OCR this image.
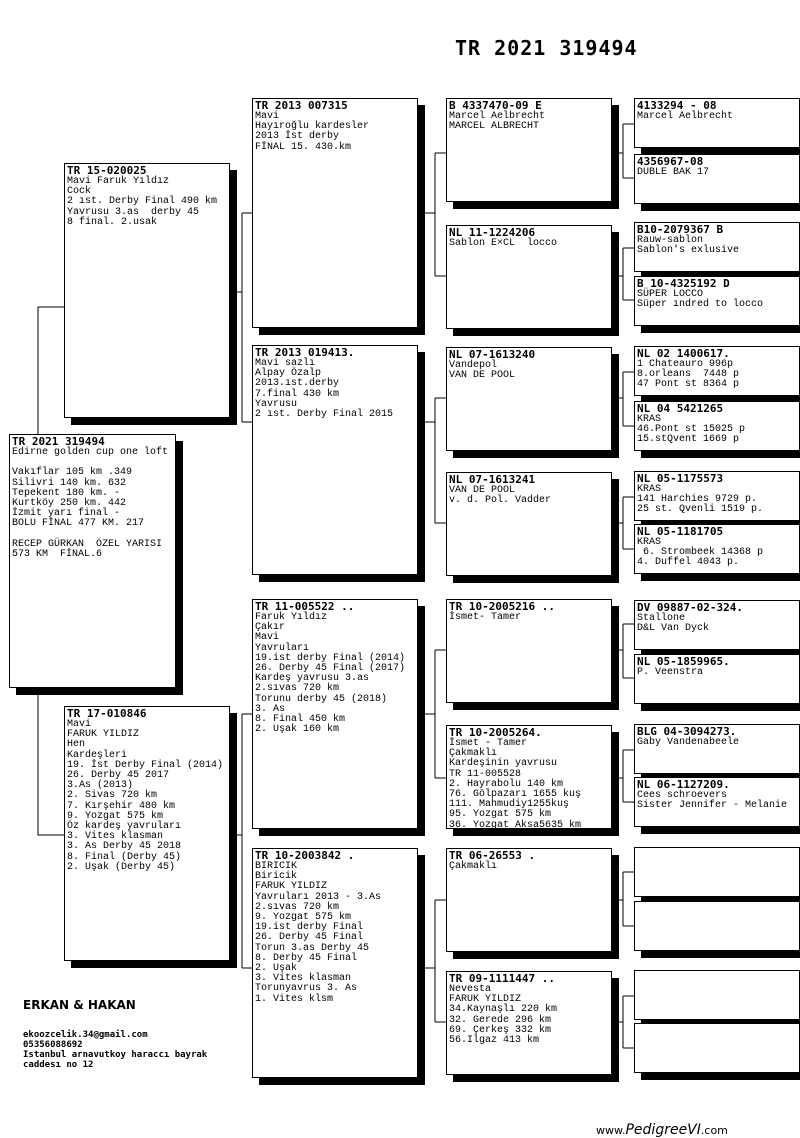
TR 2021 319494
TR 2021 319494
Edirne golden cup one loft

Vakıflar 105 km .349
Silivri 140 km. 632
Tepekent 180 km. -
Kurtköy 250 km. 442
İzmit yarı final -
BOLU FİNAL 477 KM. 217

RECEP GÜRKAN  ÖZEL YARISI  573 KM  FİNAL.6
TR 15-020025
Mavi Faruk Yıldız
Cock
2 ıst. Derby Final 490 km
Yavrusu 3.as  derby 45
8 final. 2.usak
TR 17-010846
Mavi
FARUK YILDIZ
Hen
Kardeşleri
19. İst Derby Final (2014)
26. Derby 45 2017
3.As (2013)
2. Sivas 720 km
7. Kırşehir 480 km
9. Yozgat 575 km
Öz kardeş yavruları
3. Vites klasman
3. As Derby 45 2018
8. Final (Derby 45)
2. Uşak (Derby 45)
TR 2013 007315
Mavi
Hayıroğlu kardesler
2013 İst derby
FİNAL 15. 430.km
TR 2013 019413.
Mavi sazlı
Alpay Özalp
2013.ıst.derby
7.final 430 km
Yavrusu
2 ıst. Derby Final 2015
TR 11-005522 ..
Faruk Yıldız
Çakır
Mavi
Yavruları
19.ist derby Final (2014)
26. Derby 45 Final (2017)
Kardeş yavrusu 3.as
2.sıvas 720 km
Torunu derby 45 (2018)
3. As
8. Final 450 km
2. Uşak 160 km
TR 10-2003842 .
BIRICIK
Biricik
FARUK YILDIZ
Yavruları 2013 - 3.As
2.sıvas 720 km
9. Yozgat 575 km
19.ist derby Final
26. Derby 45 Final
Torun 3.as Derby 45
8. Derby 45 Final
2. Uşak
3. Vites klasman
Torunyavrus 3. As
1. Vites klsm
B 4337470-09 E
Marcel Aelbrecht
MARCEL ALBRECHT
NL 11-1224206
Sablon E×CL  locco
NL 07-1613240
Vandepol
VAN DE POOL
NL 07-1613241
VAN DE POOL
v. d. Pol. Vadder
TR 10-2005216 ..
İsmet- Tamer
TR 10-2005264.
İsmet - Tamer
Çakmaklı
Kardeşinin yavrusu
TR 11-005528
2. Hayrabolu 140 km
76. Gölpazarı 1655 kuş
111. Mahmudiy1255kuş
95. Yozgat 575 km
36. Yozgat Aksa5635 km
TR 06-26553 .
Çakmaklı
TR 09-1111447 ..
Nevesta
FARUK YILDIZ
34.Kaynaşlı 220 km
32. Gerede 296 km
69. Çerkeş 332 km
56.Ilgaz 413 km
4133294 - 08
Marcel Aelbrecht
4356967-08
DUBLE BAK 17
B10-2079367 B
Rauw-sablon
Sablon's exlusive
B 10-4325192 D
SÜPER LOCCO
Süper ındred to locco
NL 02 1400617.
1 Chateauro 996p
8.orleans  7448 p
47 Pont st 8364 p
NL 04 5421265
KRAS
46.Pont st 15025 p
15.stQvent 1669 p
NL 05-1175573
KRAS
141 Harchies 9729 p.
25 st. Qvenli 1519 p.
NL 05-1181705
KRAS
6. Strombeek 14368 p
4. Duffel 4043 p.
DV 09887-02-324.
Stallone
D&L Van Dyck
NL 05-1859965.
P. Veenstra
BLG 04-3094273.
Gaby Vandenabeele
NL 06-1127209.
Cees schroevers
Sister Jennifer - Melanie
ERKAN & HAKAN
ekoozcelik.34@gmail.com
05356088692
Istanbul arnavutkoy haraccı bayrak caddesı no 12
www.PedigreeVI.com
